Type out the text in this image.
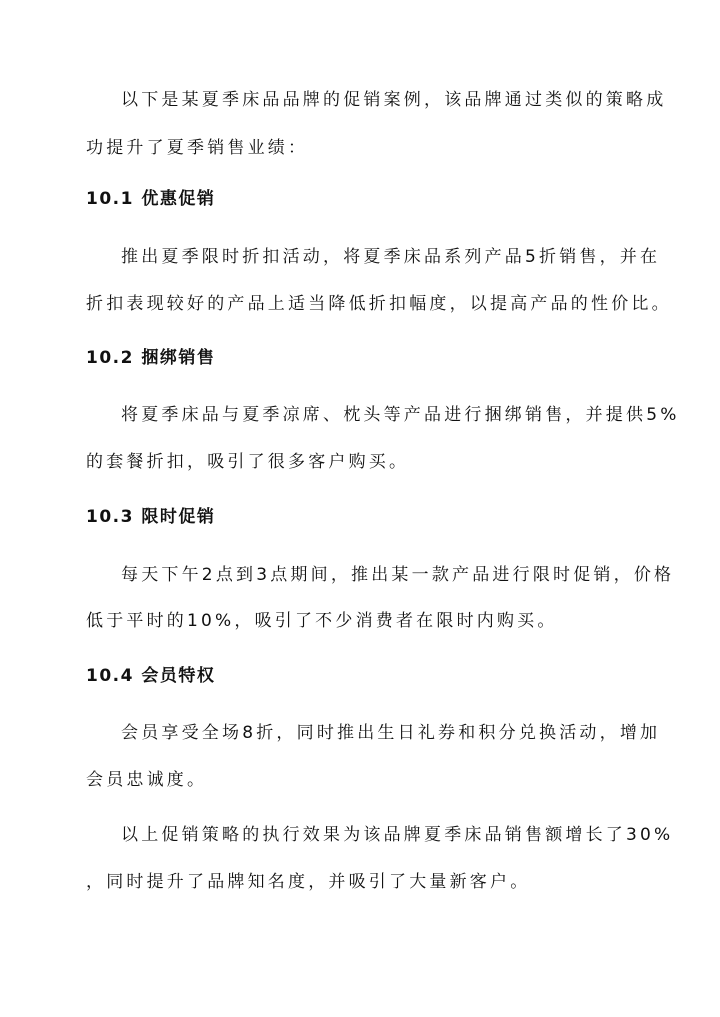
以下是某夏季床品品牌的促销案例，该品牌通过类似的策略成
功提升了夏季销售业绩：
10.1 优惠促销
推出夏季限时折扣活动，将夏季床品系列产品5折销售，并在
折扣表现较好的产品上适当降低折扣幅度，以提高产品的性价比。
10.2 捆绑销售
将夏季床品与夏季凉席、枕头等产品进行捆绑销售，并提供5%
的套餐折扣，吸引了很多客户购买。
10.3 限时促销
每天下午2点到3点期间，推出某一款产品进行限时促销，价格
低于平时的10%，吸引了不少消费者在限时内购买。
10.4 会员特权
会员享受全场8折，同时推出生日礼券和积分兑换活动，增加
会员忠诚度。
以上促销策略的执行效果为该品牌夏季床品销售额增长了30%
，同时提升了品牌知名度，并吸引了大量新客户。
